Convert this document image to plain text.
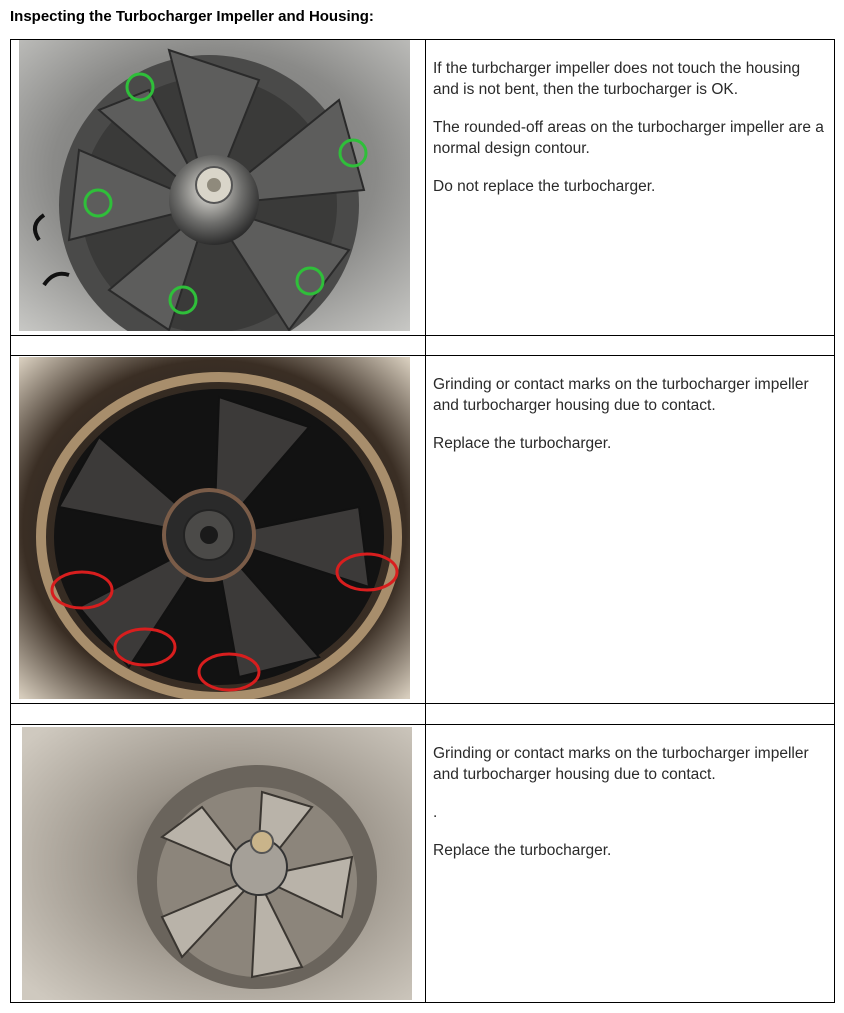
Inspecting the Turbocharger Impeller and Housing:

If the turbcharger impeller does not touch the housing and is not bent, then the turbocharger is OK.

The rounded-off areas on the turbocharger impeller are a normal design contour.

Do not replace the turbocharger.

Grinding or contact marks on the turbocharger impeller and turbocharger housing due to contact.

Replace the turbocharger.

Grinding or contact marks on the turbocharger impeller and turbocharger housing due to contact.

.

Replace the turbocharger.
